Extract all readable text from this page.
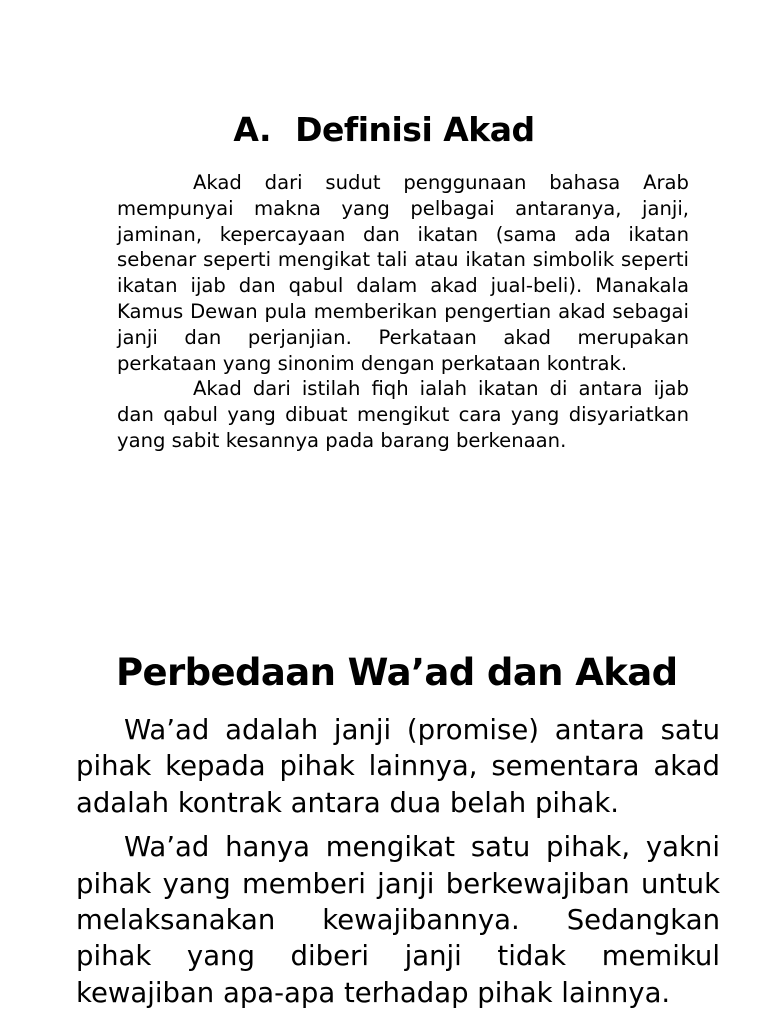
A. Definisi Akad

Akad dari sudut penggunaan bahasa Arab mempunyai makna yang pelbagai antaranya, janji, jaminan, kepercayaan dan ikatan (sama ada ikatan sebenar seperti mengikat tali atau ikatan simbolik seperti ikatan ijab dan qabul dalam akad jual-beli). Manakala Kamus Dewan pula memberikan pengertian akad sebagai janji dan perjanjian. Perkataan akad merupakan perkataan yang sinonim dengan perkataan kontrak.

Akad dari istilah fiqh ialah ikatan di antara ijab dan qabul yang dibuat mengikut cara yang disyariatkan yang sabit kesannya pada barang berkenaan.

Perbedaan Wa’ad dan Akad

Wa’ad adalah janji (promise) antara satu pihak kepada pihak lainnya, sementara akad adalah kontrak antara dua belah pihak.

Wa’ad hanya mengikat satu pihak, yakni pihak yang memberi janji berkewajiban untuk melaksanakan kewajibannya. Sedangkan pihak yang diberi janji tidak memikul kewajiban apa-apa terhadap pihak lainnya.
